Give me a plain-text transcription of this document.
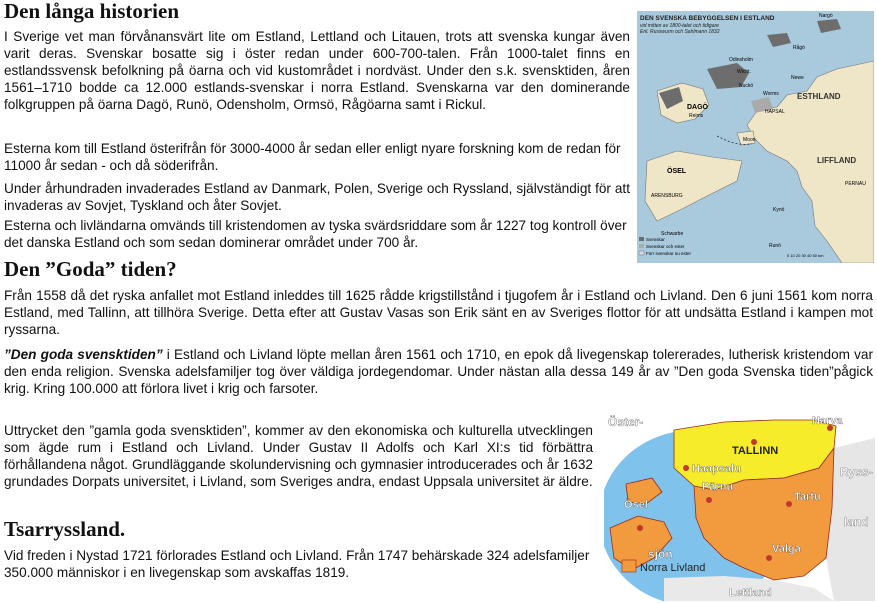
Den långa historien

I Sverige vet man förvånansvärt lite om Estland, Lettland och Litauen, trots att svenska kungar även varit deras. Svenskar bosatte sig i öster redan under 600-700-talen. Från 1000-talet finns en estlandssvensk befolkning på öarna och vid kustområdet i nordväst. Under den s.k. svensktiden, åren 1561–1710 bodde ca 12.000 estlands-svenskar i norra Estland. Svenskarna var den dominerande folkgruppen på öarna Dagö, Runö, Odensholm, Ormsö, Rågöarna samt i Rickul.

Esterna kom till Estland österifrån för 3000-4000 år sedan eller enligt nyare forskning kom de redan för 11000 år sedan - och då söderifrån.

Under århundraden invaderades Estland av Danmark, Polen, Sverige och Ryssland, självständigt för att invaderas av Sovjet, Tyskland och åter Sovjet.

Esterna och livländarna omvänds till kristendomen av tyska svärdsriddare som år 1227 tog kontroll över det danska Estland och som sedan dominerar området under 700 år.

DEN SVENSKA BEBYGGELSEN I ESTLAND
vid mitten av 1800-talet och tidigare
Enl. Russwurm och Sahlmann 1832
Nargö
Odinsholm
Wicht.
Rågö
Nuckö
Newe
Worms
DAGÖ
Reims
HAPSAL
ESTHLAND
Moon
ÖSEL
ARENSBURG
LIFFLAND
PERNAU
Kynö
Runö
Schwarbe
Svenskar
Svenskar och ester
Förr svenskar nu ester	0 10 20 30 40 50 km
Den ”Goda” tiden?

Från 1558 då det ryska anfallet mot Estland inleddes till 1625 rådde krigstillstånd i tjugofem år i Estland och Livland. Den 6 juni 1561 kom norra Estland, med Tallinn, att tillhöra Sverige. Detta efter att Gustav Vasas son Erik sänt en av Sveriges flottor för att undsätta Estland i kampen mot ryssarna.

”Den goda svensktiden” i Estland och Livland löpte mellan åren 1561 och 1710, en epok då livegenskap tolererades, lutherisk kristendom var den enda religion. Svenska adelsfamiljer tog över väldiga jordegendomar. Under nästan alla dessa 149 år av ”Den goda Svenska tiden”pågick krig. Kring 100.000 att förlora livet i krig och farsoter.

Uttrycket den ”gamla goda svensktiden”, kommer av den ekonomiska och kulturella utvecklingen som ägde rum i Estland och Livland. Under Gustav II Adolfs och Karl XI:s tid förbättra förhållandena något. Grundläggande skolundervisning och gymnasier introducerades och år 1632 grundades Dorpats universitet, i Livland, som Sveriges andra, endast Uppsala universitet är äldre.

Tsarryssland.

Vid freden i Nystad 1721 förlorades Estland och Livland. Från 1747 behärskade 324 adelsfamiljer 350.000 människor i en livegenskap som avskaffas 1819.

Öster-
sjön
Narva
TALLINN
Haapsalu
Ösel
Pärnu
Tartu
Valga
Ryss-
land
Norra Livland
Lettland
